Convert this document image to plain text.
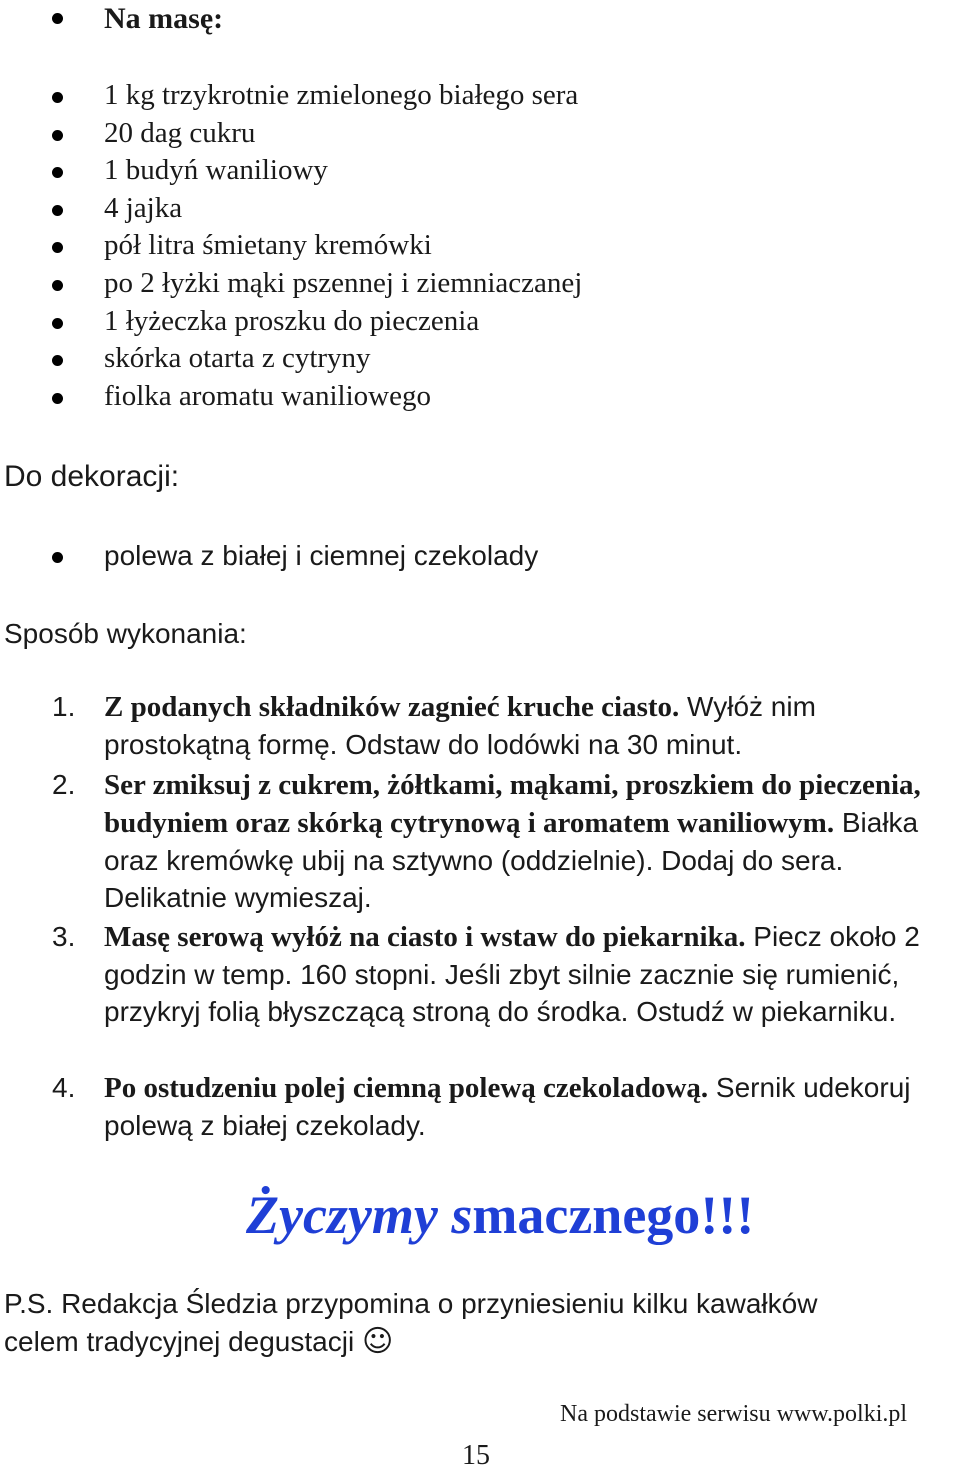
Na masę:
1 kg trzykrotnie zmielonego białego sera
20 dag cukru
1 budyń waniliowy
4 jajka
pół litra śmietany kremówki
po 2 łyżki mąki pszennej i ziemniaczanej
1 łyżeczka proszku do pieczenia
skórka otarta z cytryny
fiolka aromatu waniliowego
Do dekoracji:
polewa z białej i ciemnej czekolady
Sposób wykonania:
1. Z podanych składników zagnieć kruche ciasto. Wyłóż nim prostokątną formę. Odstaw do lodówki na 30 minut.
2. Ser zmiksuj z cukrem, żółtkami, mąkami, proszkiem do pieczenia, budyniem oraz skórką cytrynową i aromatem waniliowym. Białka oraz kremówkę ubij na sztywno (oddzielnie). Dodaj do sera. Delikatnie wymieszaj.
3. Masę serową wyłóż na ciasto i wstaw do piekarnika. Piecz około 2 godzin w temp. 160 stopni. Jeśli zbyt silnie zacznie się rumienić, przykryj folią błyszczącą stroną do środka. Ostudź w piekarniku.
4. Po ostudzeniu polej ciemną polewą czekoladową. Sernik udekoruj polewą z białej czekolady.
Życzymy smacznego!!!
P.S. Redakcja Śledzia przypomina o przyniesieniu kilku kawałków
celem tradycyjnej degustacji ☺
Na podstawie serwisu www.polki.pl
15
